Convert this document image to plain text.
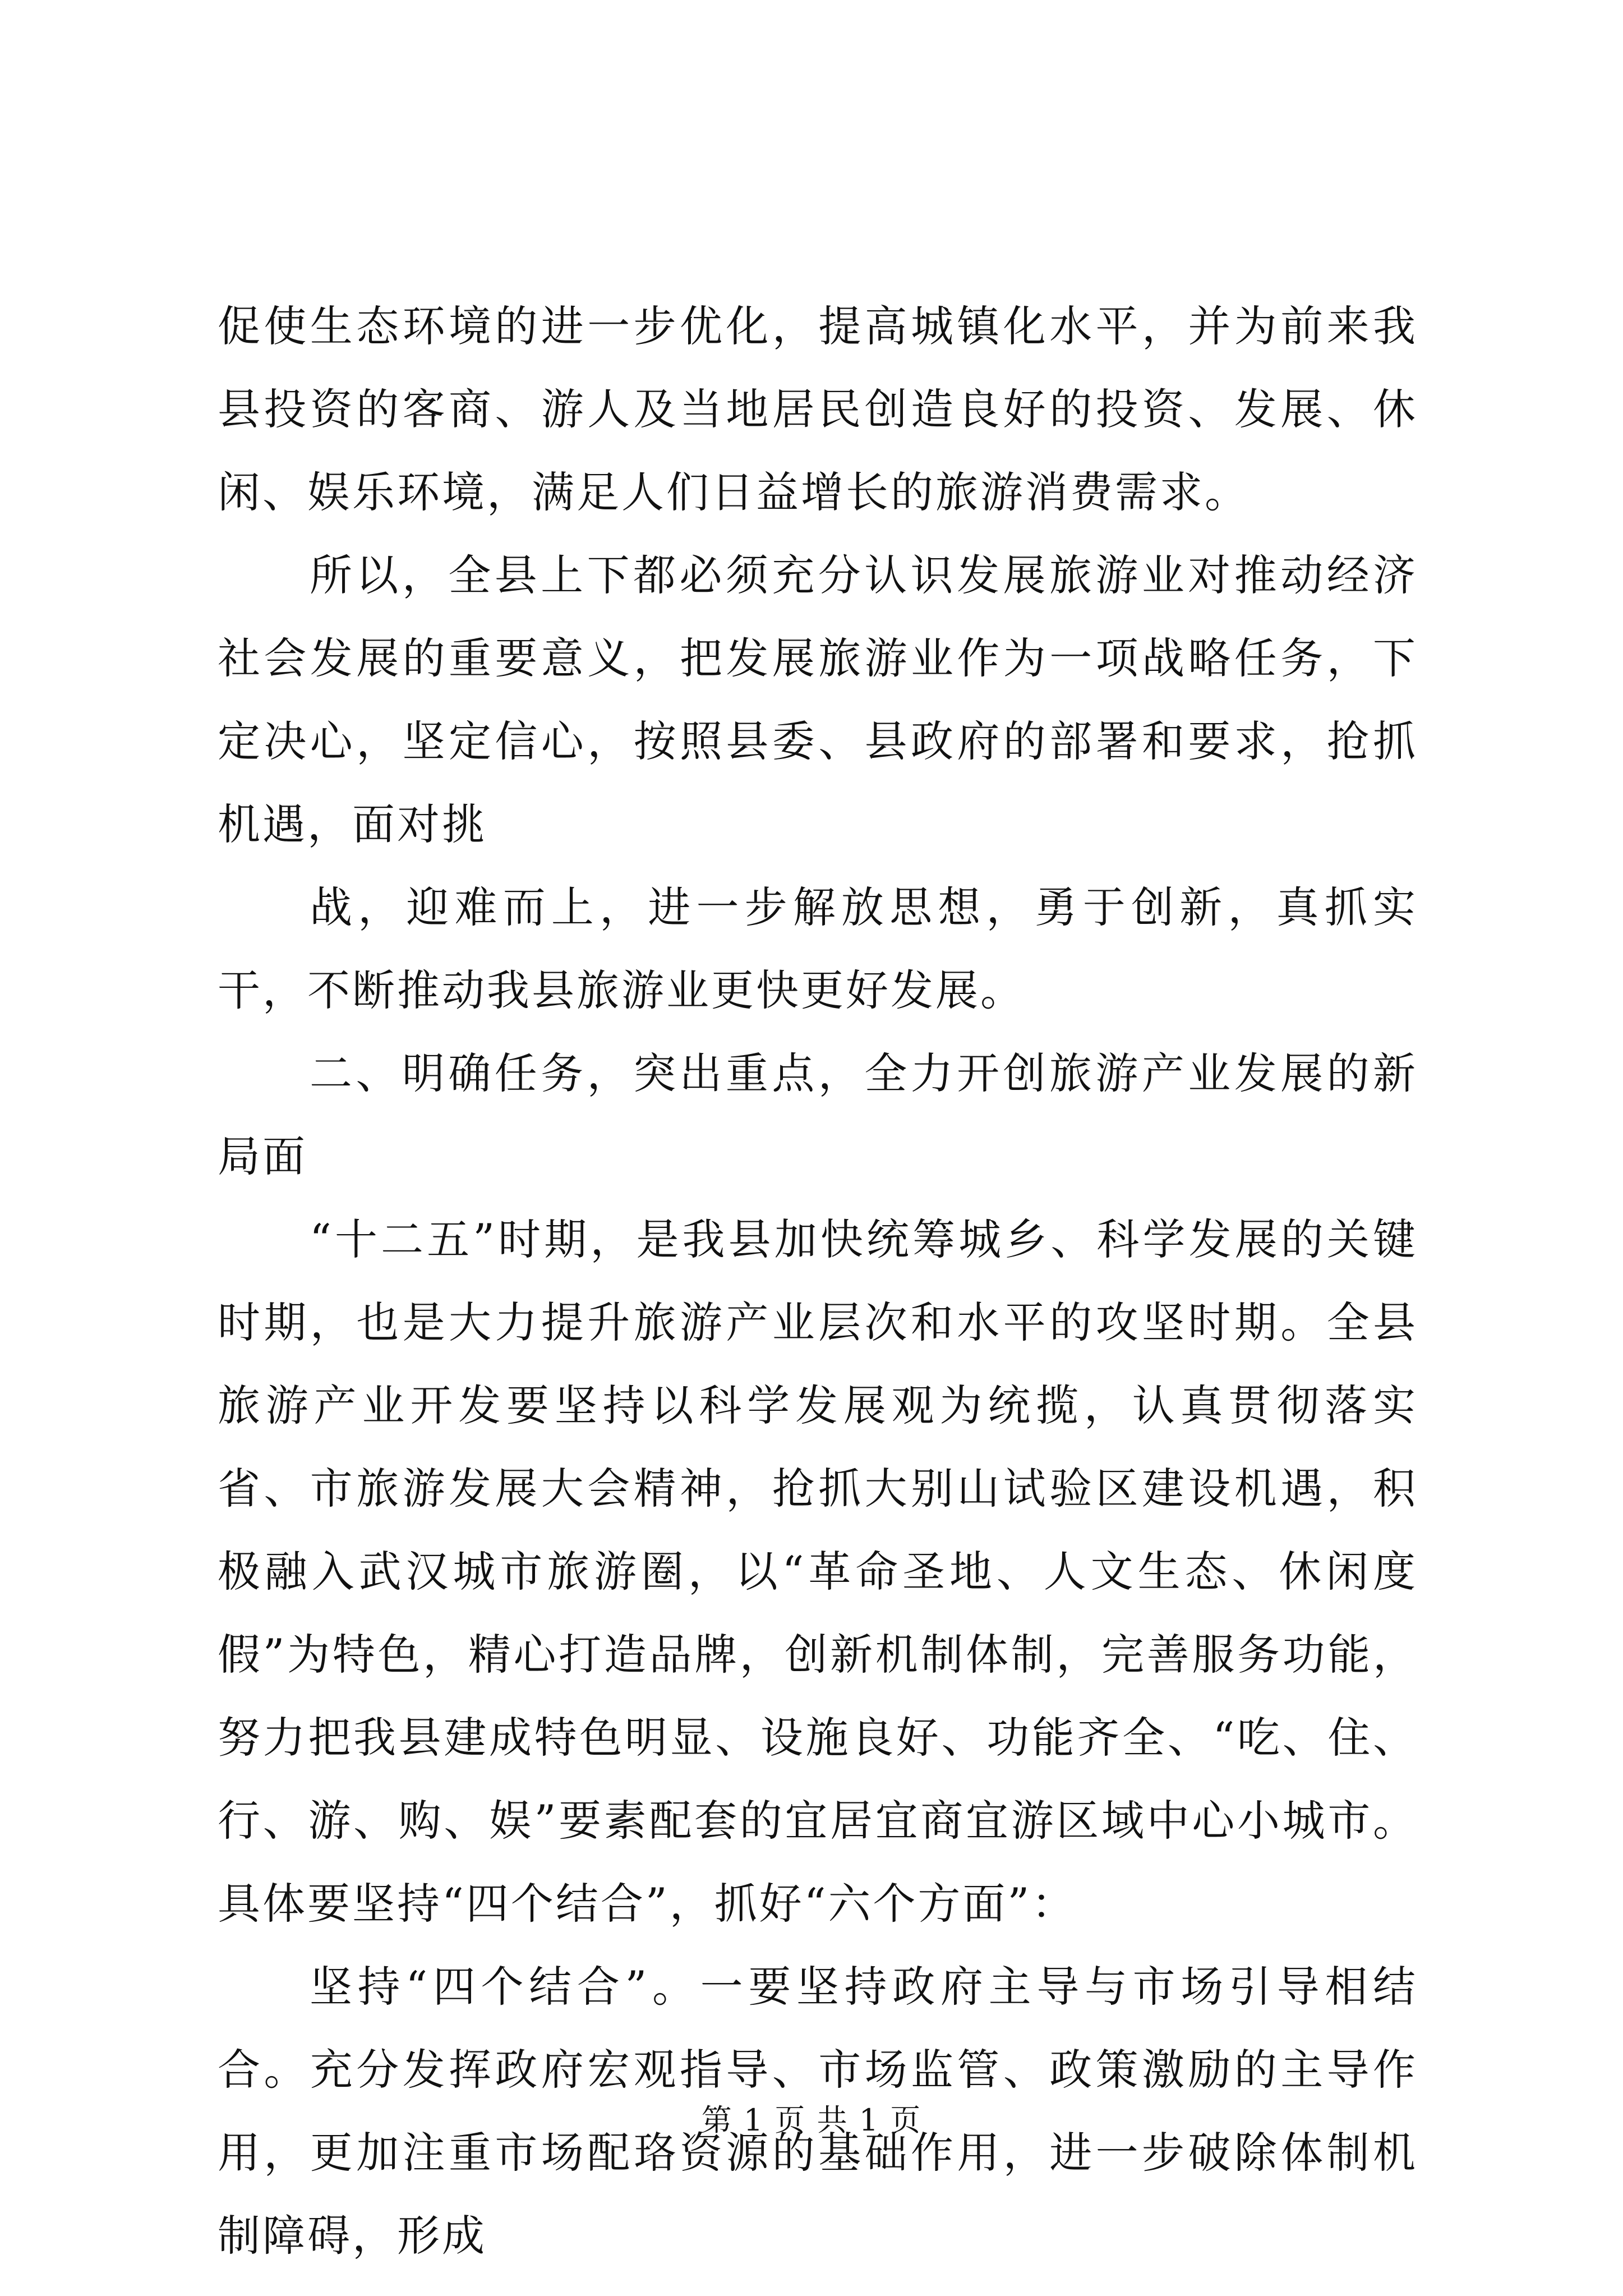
促使生态环境的进一步优化，提高城镇化水平，并为前来我县投资的客商、游人及当地居民创造良好的投资、发展、休闲、娱乐环境，满足人们日益增长的旅游消费需求。

所以，全县上下都必须充分认识发展旅游业对推动经济社会发展的重要意义，把发展旅游业作为一项战略任务，下定决心，坚定信心，按照县委、县政府的部署和要求，抢抓机遇，面对挑

战，迎难而上，进一步解放思想，勇于创新，真抓实干，不断推动我县旅游业更快更好发展。

二、明确任务，突出重点，全力开创旅游产业发展的新局面

“十二五”时期，是我县加快统筹城乡、科学发展的关键时期，也是大力提升旅游产业层次和水平的攻坚时期。全县旅游产业开发要坚持以科学发展观为统揽，认真贯彻落实省、市旅游发展大会精神，抢抓大别山试验区建设机遇，积极融入武汉城市旅游圈，以“革命圣地、人文生态、休闲度假”为特色，精心打造品牌，创新机制体制，完善服务功能，努力把我县建成特色明显、设施良好、功能齐全、“吃、住、行、游、购、娱”要素配套的宜居宜商宜游区域中心小城市。具体要坚持“四个结合”，抓好“六个方面”：

坚持“四个结合”。一要坚持政府主导与市场引导相结合。充分发挥政府宏观指导、市场监管、政策激励的主导作用，更加注重市场配珞资源的基础作用，进一步破除体制机制障碍，形成

第 1 页 共 1 页
